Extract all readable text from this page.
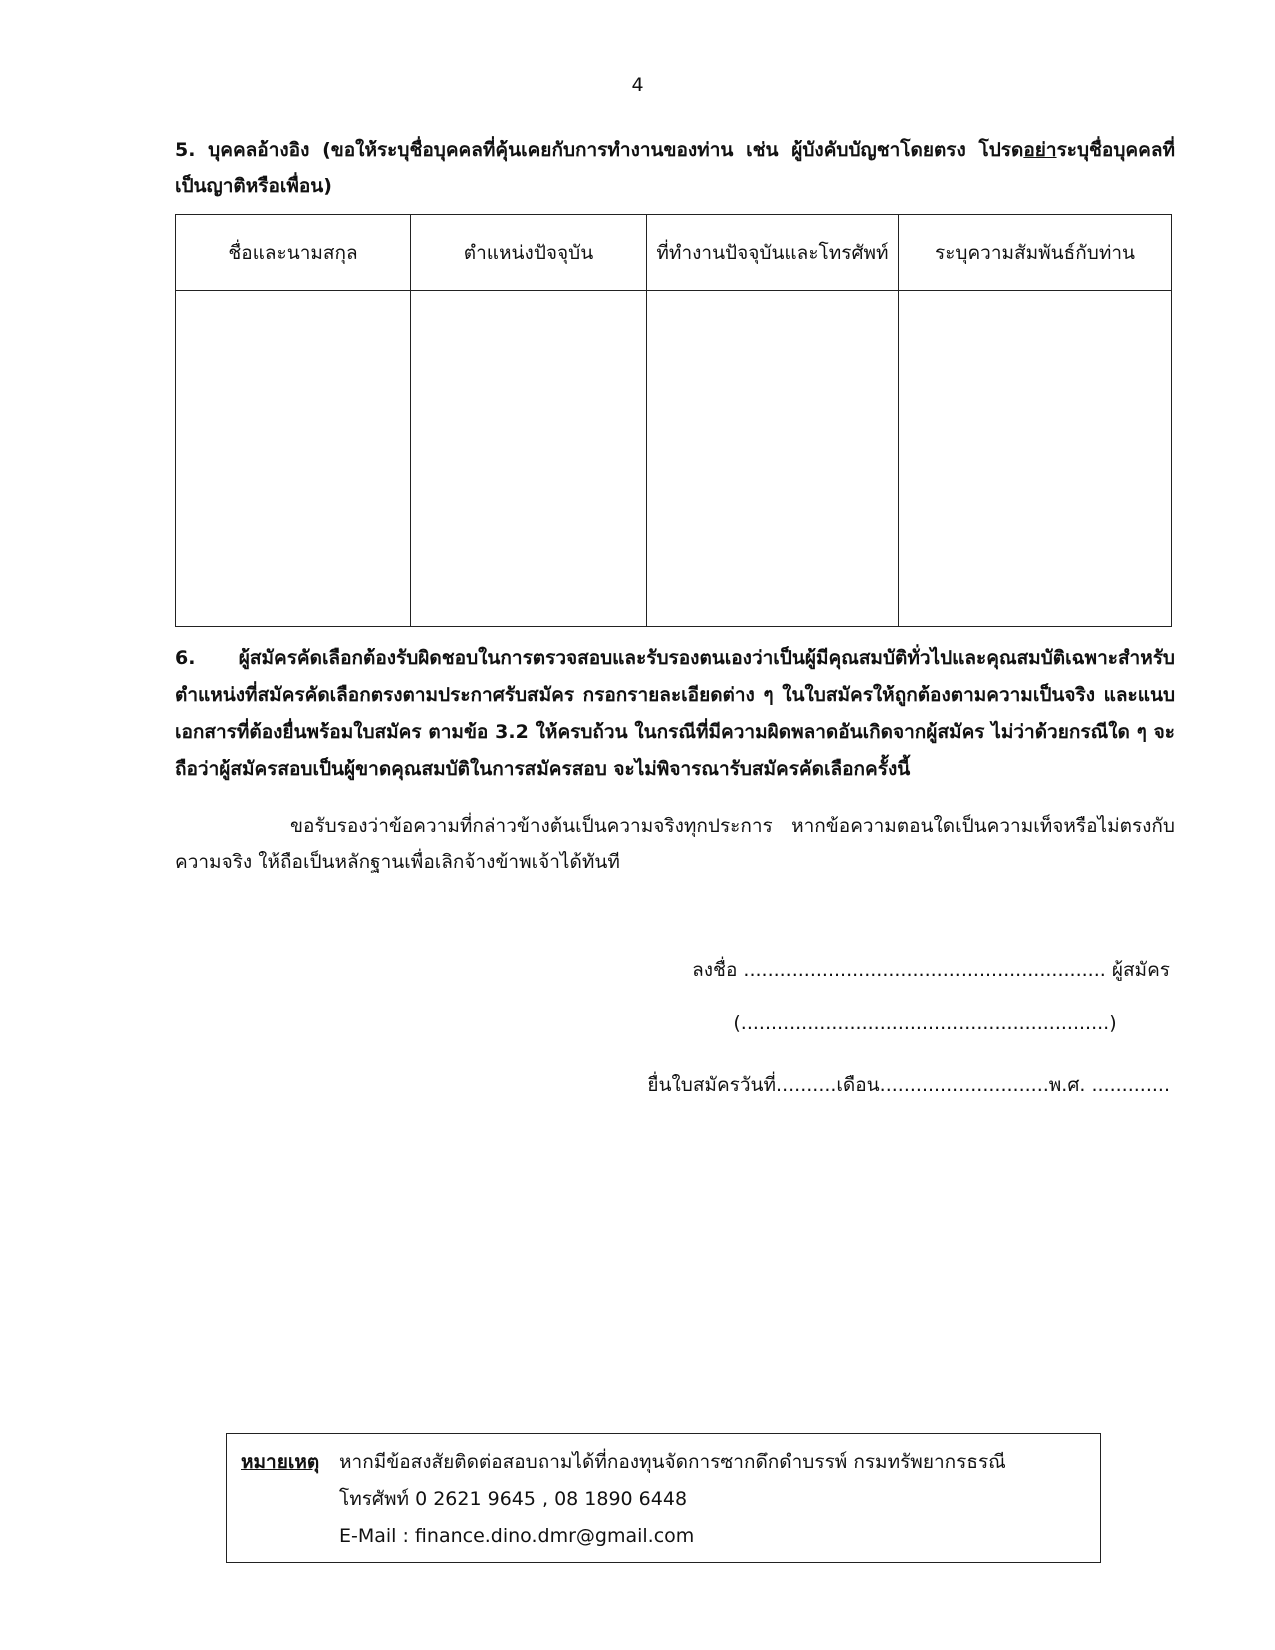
4
5. บุคคลอ้างอิง (ขอให้ระบุชื่อบุคคลที่คุ้นเคยกับการทำงานของท่าน เช่น ผู้บังคับบัญชาโดยตรง โปรดอย่าระบุชื่อบุคคลที่เป็นญาติหรือเพื่อน)
ชื่อและนามสกุล	ตำแหน่งปัจจุบัน	ที่ทำงานปัจจุบันและโทรศัพท์	ระบุความสัมพันธ์กับท่าน

6. ผู้สมัครคัดเลือกต้องรับผิดชอบในการตรวจสอบและรับรองตนเองว่าเป็นผู้มีคุณสมบัติทั่วไปและคุณสมบัติเฉพาะสำหรับตำแหน่งที่สมัครคัดเลือกตรงตามประกาศรับสมัคร กรอกรายละเอียดต่าง ๆ ในใบสมัครให้ถูกต้องตามความเป็นจริง และแนบเอกสารที่ต้องยื่นพร้อมใบสมัคร ตามข้อ 3.2 ให้ครบถ้วน ในกรณีที่มีความผิดพลาดอันเกิดจากผู้สมัคร ไม่ว่าด้วยกรณีใด ๆ จะถือว่าผู้สมัครสอบเป็นผู้ขาดคุณสมบัติในการสมัครสอบ จะไม่พิจารณารับสมัครคัดเลือกครั้งนี้
ขอรับรองว่าข้อความที่กล่าวข้างต้นเป็นความจริงทุกประการ หากข้อความตอนใดเป็นความเท็จหรือไม่ตรงกับความจริง ให้ถือเป็นหลักฐานเพื่อเลิกจ้างข้าพเจ้าได้ทันที
ลงชื่อ ............................................................ ผู้สมัคร
(.............................................................)
ยื่นใบสมัครวันที่..........เดือน............................พ.ศ. .............
หมายเหตุ	หากมีข้อสงสัยติดต่อสอบถามได้ที่กองทุนจัดการซากดึกดำบรรพ์ กรมทรัพยากรธรณี
โทรศัพท์ 0 2621 9645 , 08 1890 6448
E-Mail : finance.dino.dmr@gmail.com
